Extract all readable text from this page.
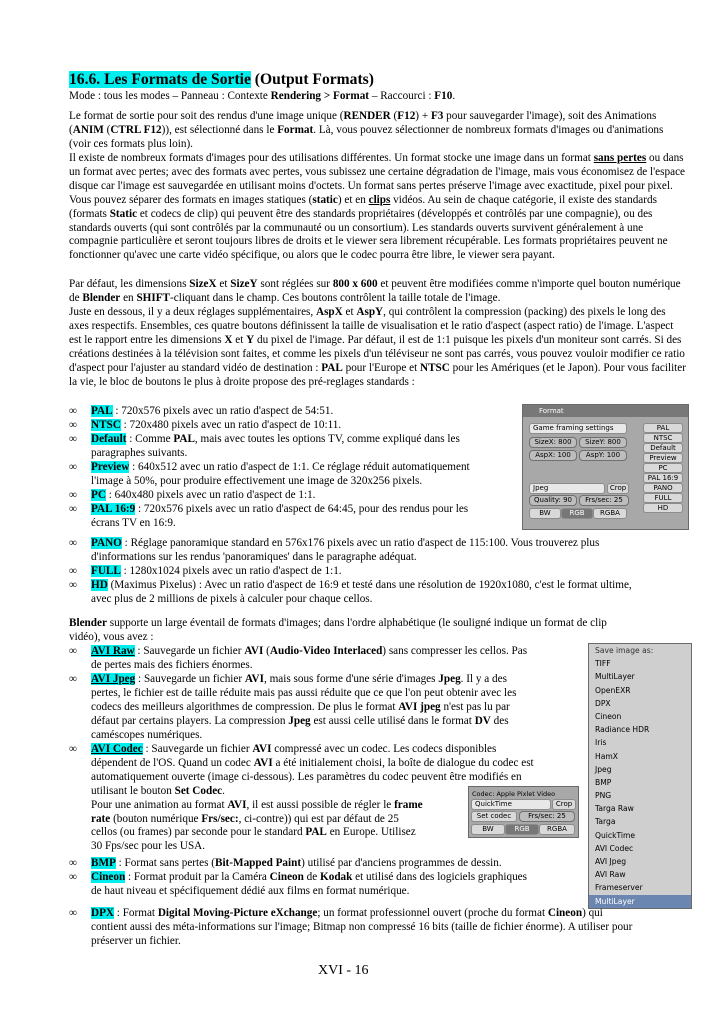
16.6. Les Formats de Sortie (Output Formats)
Mode : tous les modes – Panneau : Contexte Rendering > Format – Raccourci : F10.
Le format de sortie pour soit des rendus d'une image unique (RENDER (F12) + F3 pour sauvegarder l'image), soit des Animations (ANIM (CTRL F12)), est sélectionné dans le Format. Là, vous pouvez sélectionner de nombreux formats d'images ou d'animations (voir ces formats plus loin).
Il existe de nombreux formats d'images pour des utilisations différentes. Un format stocke une image dans un format sans pertes ou dans un format avec pertes; avec des formats avec pertes, vous subissez une certaine dégradation de l'image, mais vous économisez de l'espace disque car l'image est sauvegardée en utilisant moins d'octets. Un format sans pertes préserve l'image avec exactitude, pixel pour pixel. Vous pouvez séparer des formats en images statiques (static) et en clips vidéos. Au sein de chaque catégorie, il existe des standards (formats Static et codecs de clip) qui peuvent être des standards propriétaires (développés et contrôlés par une compagnie), ou des standards ouverts (qui sont contrôlés par la communauté ou un consortium). Les standards ouverts survivent généralement à une compagnie particulière et seront toujours libres de droits et le viewer sera librement récupérable. Les formats propriétaires peuvent ne fonctionner qu'avec une carte vidéo spécifique, ou alors que le codec pourra être libre, le viewer sera payant.
Par défaut, les dimensions SizeX et SizeY sont réglées sur 800 x 600 et peuvent être modifiées comme n'importe quel bouton numérique de Blender en SHIFT-cliquant dans le champ. Ces boutons contrôlent la taille totale de l'image.
Juste en dessous, il y a deux réglages supplémentaires, AspX et AspY, qui contrôlent la compression (packing) des pixels le long des axes respectifs. Ensembles, ces quatre boutons définissent la taille de visualisation et le ratio d'aspect (aspect ratio) de l'image. L'aspect est le rapport entre les dimensions X et Y du pixel de l'image. Par défaut, il est de 1:1 puisque les pixels d'un moniteur sont carrés. Si des créations destinées à la télévision sont faites, et comme les pixels d'un téléviseur ne sont pas carrés, vous pouvez vouloir modifier ce ratio d'aspect pour l'ajuster au standard vidéo de destination : PAL pour l'Europe et NTSC pour les Amériques (et le Japon). Pour vous faciliter la vie, le bloc de boutons le plus à droite propose des pré-reglages standards :
∞	PAL : 720x576 pixels avec un ratio d'aspect de 54:51.
∞	NTSC : 720x480 pixels avec un ratio d'aspect de 10:11.
∞	Default : Comme PAL, mais avec toutes les options TV, comme expliqué dans les
paragraphes suivants.
∞	Preview : 640x512 avec un ratio d'aspect de 1:1. Ce réglage réduit automatiquement
l'image à 50%, pour produire effectivement une image de 320x256 pixels.
∞	PC : 640x480 pixels avec un ratio d'aspect de 1:1.
∞	PAL 16:9 : 720x576 pixels avec un ratio d'aspect de 64:45, pour des rendus pour les
écrans TV en 16:9.
∞	PANO : Réglage panoramique standard en 576x176 pixels avec un ratio d'aspect de 115:100. Vous trouverez plus
d'informations sur les rendus 'panoramiques' dans le paragraphe adéquat.
∞	FULL : 1280x1024 pixels avec un ratio d'aspect de 1:1.
∞	HD (Maximus Pixelus) : Avec un ratio d'aspect de 16:9 et testé dans une résolution de 1920x1080, c'est le format ultime,
avec plus de 2 millions de pixels à calculer pour chaque cellos.
Format
Game framing settings
SizeX: 800	SizeY: 800
AspX: 100	AspY: 100
Jpeg	Crop
Quality: 90	Frs/sec: 25
BW	RGB	RGBA
PAL
NTSC
Default
Preview
PC
PAL 16:9
PANO
FULL
HD
Blender supporte un large éventail de formats d'images; dans l'ordre alphabétique (le souligné indique un format de clip
vidéo), vous avez :
∞	AVI Raw : Sauvegarde un fichier AVI (Audio-Video Interlaced) sans compresser les cellos. Pas
de pertes mais des fichiers énormes.
∞	AVI Jpeg : Sauvegarde un fichier AVI, mais sous forme d'une série d'images Jpeg. Il y a des
pertes, le fichier est de taille réduite mais pas aussi réduite que ce que l'on peut obtenir avec les
codecs des meilleurs algorithmes de compression. De plus le format AVI jpeg n'est pas lu par
défaut par certains players. La compression Jpeg est aussi celle utilisé dans le format DV des
caméscopes numériques.
∞	AVI Codec : Sauvegarde un fichier AVI compressé avec un codec. Les codecs disponibles
dépendent de l'OS. Quand un codec AVI a été initialement choisi, la boîte de dialogue du codec est
automatiquement ouverte (image ci-dessous). Les paramètres du codec peuvent être modifiés en
utilisant le bouton Set Codec.
Pour une animation au format AVI, il est aussi possible de régler le frame
rate (bouton numérique Frs/sec:, ci-contre)) qui est par défaut de 25
cellos (ou frames) par seconde pour le standard PAL en Europe. Utilisez
30 Fps/sec pour les USA.
Codec: Apple Pixlet Video
QuickTime	Crop
Set codec	Frs/sec: 25
BW	RGB	RGBA
Save image as:
TIFF
MultiLayer
OpenEXR
DPX
Cineon
Radiance HDR
Iris
HamX
Jpeg
BMP
PNG
Targa Raw
Targa
QuickTime
AVI Codec
AVI Jpeg
AVI Raw
Frameserver
MultiLayer
∞	BMP : Format sans pertes (Bit-Mapped Paint) utilisé par d'anciens programmes de dessin.
∞	Cineon : Format produit par la Caméra Cineon de Kodak et utilisé dans des logiciels graphiques
de haut niveau et spécifiquement dédié aux films en format numérique.
∞	DPX : Format Digital Moving-Picture eXchange; un format professionnel ouvert (proche du format Cineon) qui
contient aussi des méta-informations sur l'image; Bitmap non compressé 16 bits (taille de fichier énorme). A utiliser pour
préserver un fichier.
XVI - 16
